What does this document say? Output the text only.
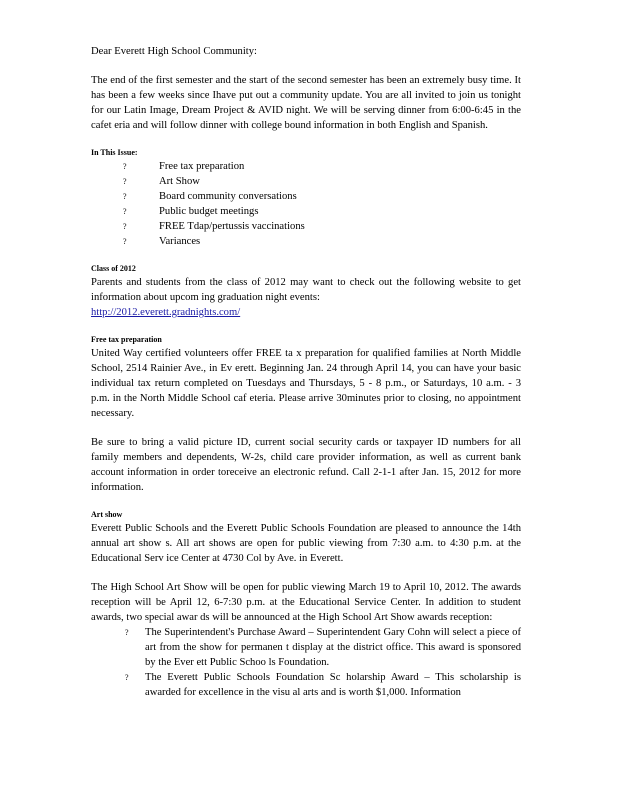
Dear Everett High School Community:

The end of the first semester and the start of the second semester has been an extremely busy time. It has been a few weeks since Ihave put out a community update. You are all invited to join us tonight for our Latin Image, Dream Project & AVID night. We will be serving dinner from 6:00-6:45 in the cafet eria and will follow dinner with college bound information in both English and Spanish.

In This Issue:

?	Free tax preparation
?	Art Show
?	Board community conversations
?	Public budget meetings
?	FREE Tdap/pertussis vaccinations
?	Variances

Class of 2012

Parents and students from the class of 2012 may want to check out the following website to get information about upcom ing graduation night events:

http://2012.everett.gradnights.com/

Free tax preparation

United Way certified volunteers offer FREE ta x preparation for qualified families at North Middle School, 2514 Rainier Ave., in Ev erett. Beginning Jan. 24 through April 14, you can have your basic individual tax return completed on Tuesdays and Thursdays, 5 - 8 p.m., or Saturdays, 10 a.m. - 3 p.m. in the North Middle School caf eteria. Please arrive 30minutes prior to closing, no appointment necessary.

Be sure to bring a valid picture ID, current social security cards or taxpayer ID numbers for all family members and dependents, W-2s, child care provider information, as well as current bank account information in order toreceive an electronic refund. Call 2-1-1 after Jan. 15, 2012 for more information.

Art show

Everett Public Schools and the Everett Public Schools Foundation are pleased to announce the 14th annual art show s. All art shows are open for public viewing from 7:30 a.m. to 4:30 p.m. at the Educational Serv ice Center at 4730 Col by Ave. in Everett.

The High School Art Show will be open for public viewing March 19 to April 10, 2012. The awards reception will be April 12, 6-7:30 p.m. at the Educational Service Center. In addition to student awards, two special awar ds will be announced at the High School Art Show awards reception:

? The Superintendent's Purchase Award – Superintendent Gary Cohn will select a piece of art from the show for permanen t display at the district office. This award is sponsored by the Ever ett Public Schoo ls Foundation.
? The Everett Public Schools Foundation Sc holarship Award – This scholarship is awarded for excellence in the visu al arts and is worth $1,000. Information
